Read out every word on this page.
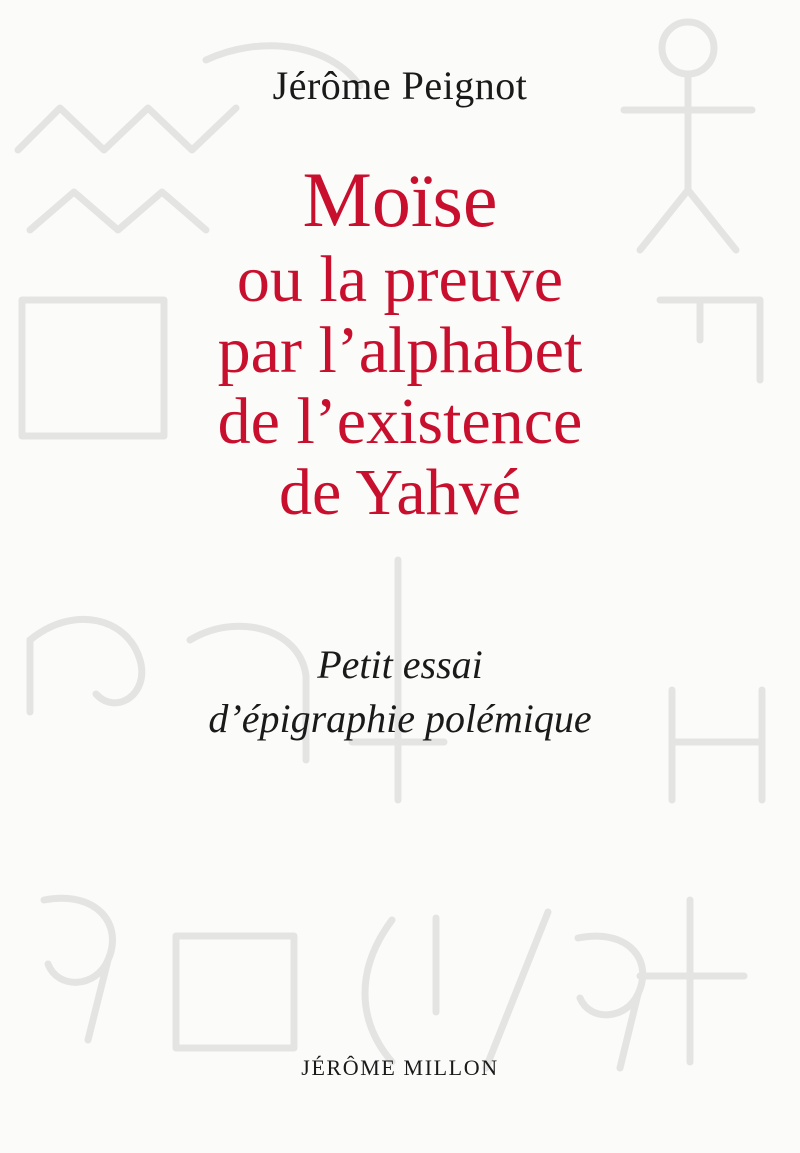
Jérôme Peignot
Moïse
ou la preuve
par l’alphabet
de l’existence
de Yahvé
Petit essai
d’épigraphie polémique
JÉRÔME MILLON
